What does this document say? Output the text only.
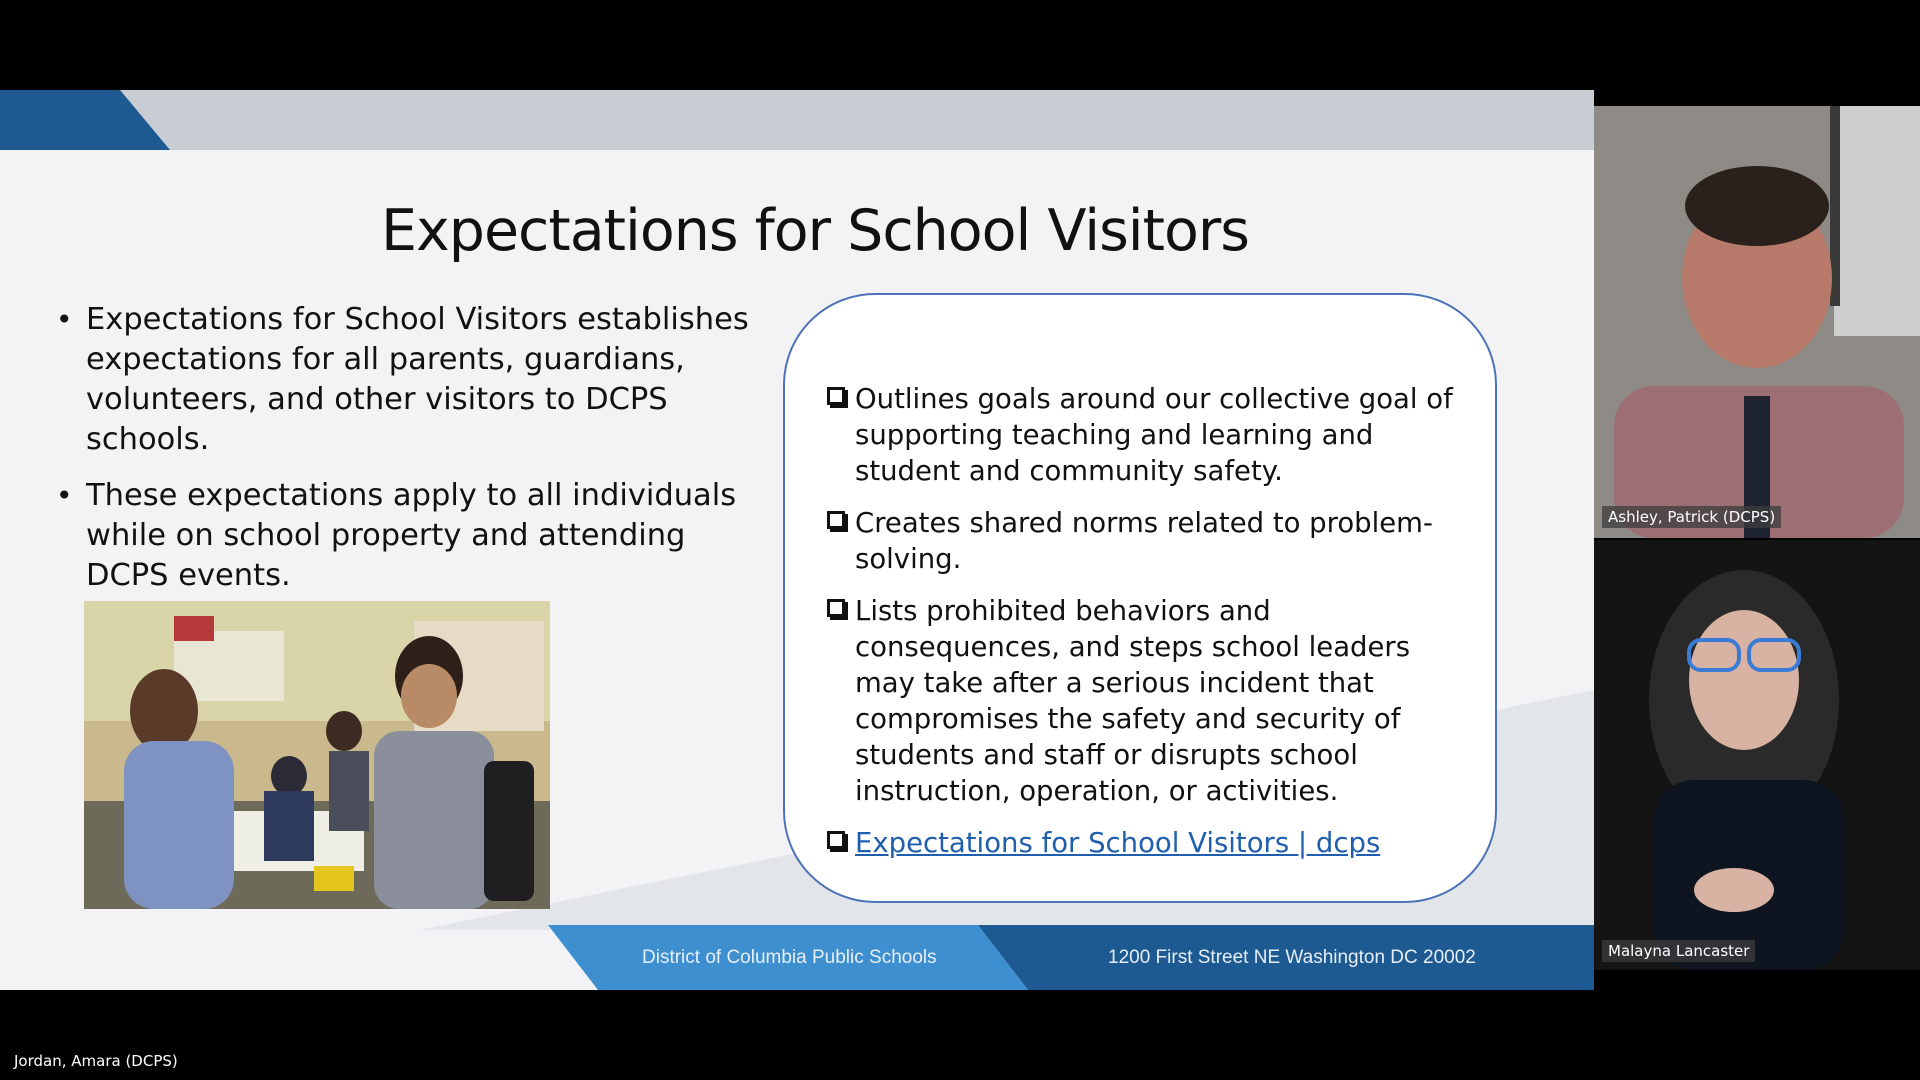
Expectations for School Visitors
• Expectations for School Visitors establishes expectations for all parents, guardians, volunteers, and other visitors to DCPS schools.
• These expectations apply to all individuals while on school property and attending DCPS events.
Outlines goals around our collective goal of supporting teaching and learning and student and community safety.
Creates shared norms related to problem-solving.
Lists prohibited behaviors and consequences, and steps school leaders may take after a serious incident that compromises the safety and security of students and staff or disrupts school instruction, operation, or activities.
Expectations for School Visitors | dcps
District of Columbia Public Schools	1200 First Street NE Washington DC 20002
Ashley, Patrick (DCPS)
Malayna Lancaster
Jordan, Amara (DCPS)
